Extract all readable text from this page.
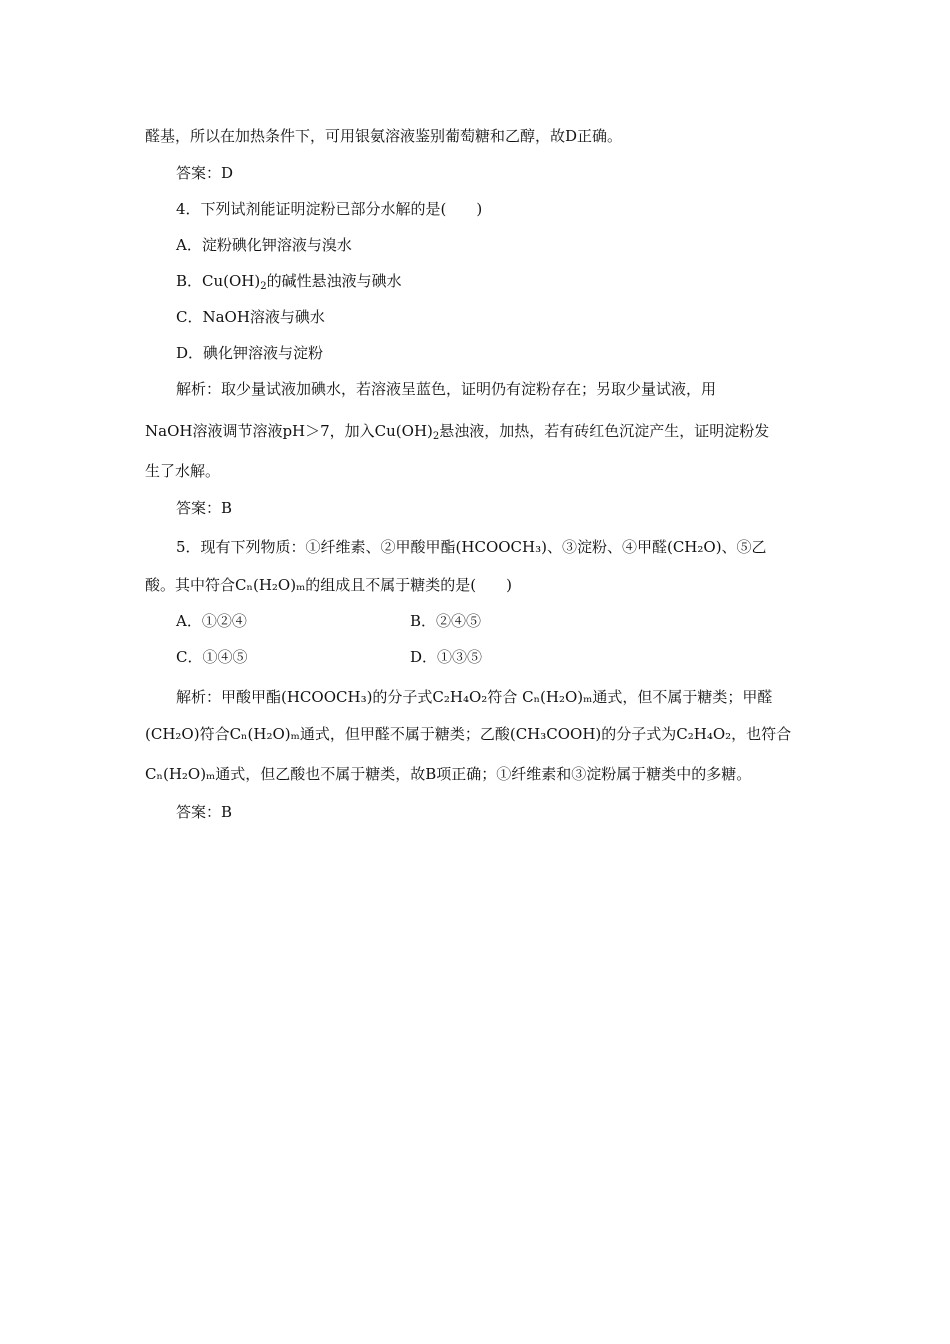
醛基，所以在加热条件下，可用银氨溶液鉴别葡萄糖和乙醇，故D正确。
答案：D
4．下列试剂能证明淀粉已部分水解的是(　　)
A．淀粉碘化钾溶液与溴水
B．$Cu(OH)_2$的碱性悬浊液与碘水
C．NaOH溶液与碘水
D．碘化钾溶液与淀粉
解析：取少量试液加碘水，若溶液呈蓝色，证明仍有淀粉存在；另取少量试液，用
NaOH溶液调节溶液pH＞7，加入$Cu(OH)_2$悬浊液，加热，若有砖红色沉淀产生，证明淀粉发
生了水解。
答案：B
5．现有下列物质：①纤维素、②甲酸甲酯(HCOOCH₃)、③淀粉、④甲醛(CH₂O)、⑤乙
酸。其中符合Cₙ(H₂O)ₘ的组成且不属于糖类的是(　　)
A．①②④	B．②④⑤
C．①④⑤	D．①③⑤
解析：甲酸甲酯(HCOOCH₃)的分子式C₂H₄O₂符合 Cₙ(H₂O)ₘ通式，但不属于糖类；甲醛
(CH₂O)符合Cₙ(H₂O)ₘ通式，但甲醛不属于糖类；乙酸(CH₃COOH)的分子式为C₂H₄O₂，也符合
Cₙ(H₂O)ₘ通式，但乙酸也不属于糖类，故B项正确；①纤维素和③淀粉属于糖类中的多糖。
答案：B
